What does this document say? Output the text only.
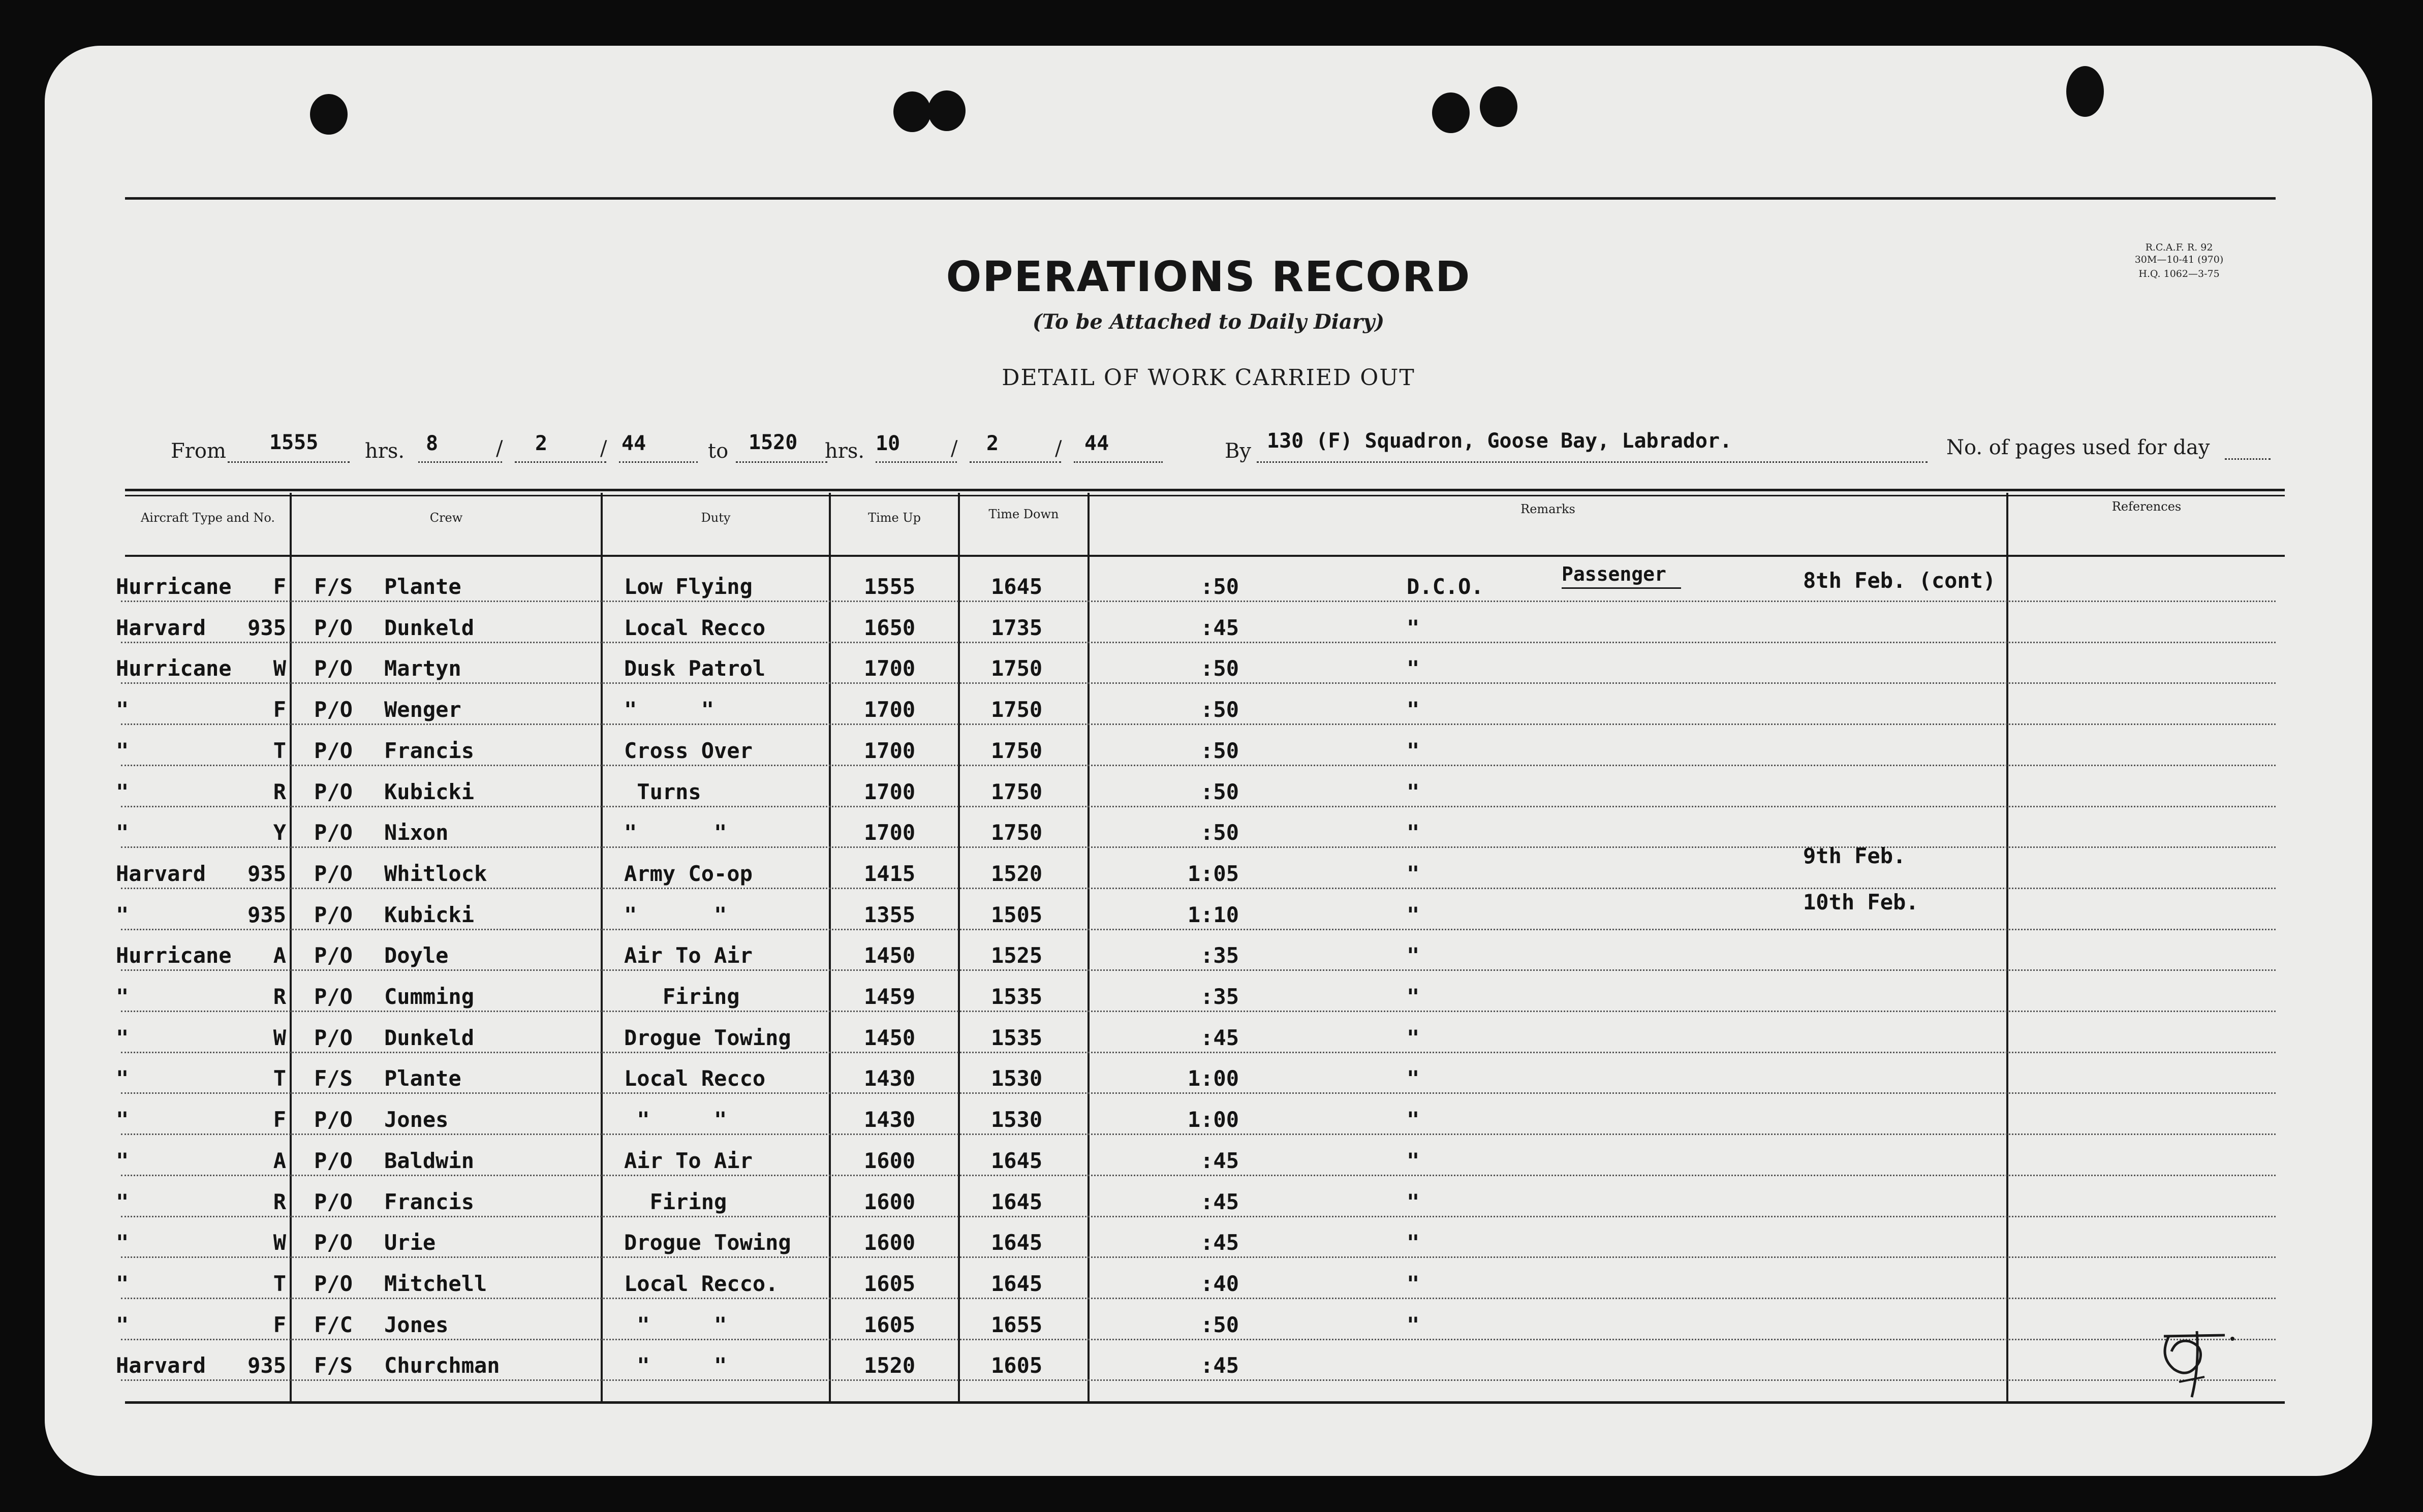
OPERATIONS RECORD
(To be Attached to Daily Diary)
DETAIL OF WORK CARRIED OUT
R.C.A.F. R. 92
30M—10-41 (970)
H.Q. 1062—3-75
From 1555 hrs. 8	/ 2	/ 44	to 1520 hrs. 10 / 2	/ 44	By 130 (F) Squadron, Goose Bay, Labrador.	No. of pages used for day
Aircraft Type and No.	Crew	Duty	Time Up	Time Down	Remarks	References
Passenger
Hurricane	F F/S Plante	Low Flying	1555	1645	:50	D.C.O.	8th Feb. (cont)
Harvard	935 P/O Dunkeld	Local Recco	1650	1735	:45	"
Hurricane	W P/O Martyn	Dusk Patrol	1700	1750	:50	"
"	F P/O Wenger	"     "	1700	1750	:50	"
"	T P/O Francis	Cross Over	1700	1750	:50	"
"	R P/O Kubicki	Turns	1700	1750	:50	"
"	Y P/O Nixon	"      "	1700	1750	:50	"
Harvard	935 P/O Whitlock	Army Co-op	1415	1520	1:05	"
9th Feb.
"	935 P/O Kubicki	"      "	1355	1505	1:10	"
10th Feb.
Hurricane	A P/O Doyle	Air To Air	1450	1525	:35	"
"	R P/O Cumming	Firing	1459	1535	:35	"
"	W P/O Dunkeld	Drogue Towing	1450	1535	:45	"
"	T F/S Plante	Local Recco	1430	1530	1:00	"
"	F P/O Jones	"     "	1430	1530	1:00	"
"	A P/O Baldwin	Air To Air	1600	1645	:45	"
"	R P/O Francis	Firing	1600	1645	:45	"
"	W P/O Urie	Drogue Towing	1600	1645	:45	"
"	T P/O Mitchell	Local Recco.	1605	1645	:40	"
"	F F/C Jones	"     "	1605	1655	:50	"
Harvard	935 F/S Churchman	"     "	1520	1605	:45
